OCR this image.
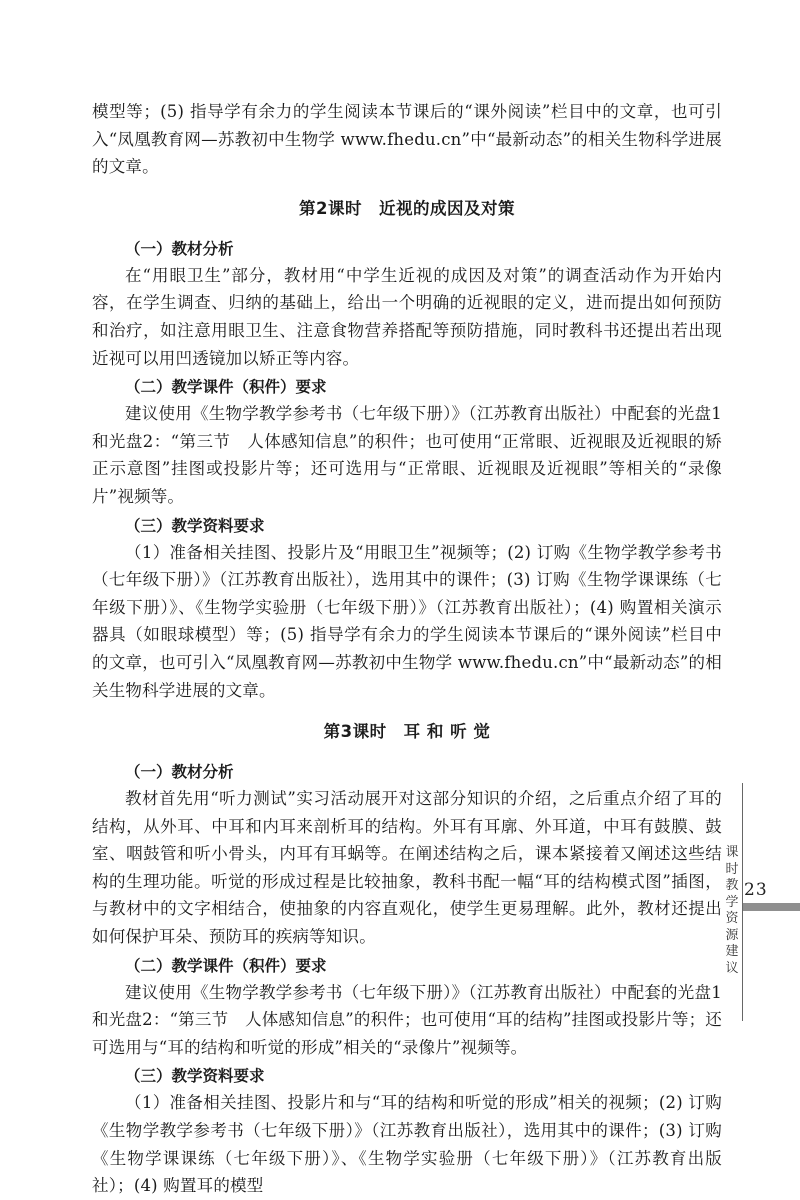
模型等；(5) 指导学有余力的学生阅读本节课后的“课外阅读”栏目中的文章，也可引入“凤凰教育网—苏教初中生物学 www.fhedu.cn”中“最新动态”的相关生物科学进展的文章。

第2课时　近视的成因及对策

（一）教材分析

在“用眼卫生”部分，教材用“中学生近视的成因及对策”的调查活动作为开始内容，在学生调查、归纳的基础上，给出一个明确的近视眼的定义，进而提出如何预防和治疗，如注意用眼卫生、注意食物营养搭配等预防措施，同时教科书还提出若出现近视可以用凹透镜加以矫正等内容。

（二）教学课件（积件）要求

建议使用《生物学教学参考书（七年级下册）》（江苏教育出版社）中配套的光盘1和光盘2：“第三节　人体感知信息”的积件；也可使用“正常眼、近视眼及近视眼的矫正示意图”挂图或投影片等；还可选用与“正常眼、近视眼及近视眼”等相关的“录像片”视频等。

（三）教学资料要求

（1）准备相关挂图、投影片及“用眼卫生”视频等；(2) 订购《生物学教学参考书（七年级下册）》（江苏教育出版社），选用其中的课件；(3) 订购《生物学课课练（七年级下册）》、《生物学实验册（七年级下册）》（江苏教育出版社）；(4) 购置相关演示器具（如眼球模型）等；(5) 指导学有余力的学生阅读本节课后的“课外阅读”栏目中的文章，也可引入“凤凰教育网—苏教初中生物学 www.fhedu.cn”中“最新动态”的相关生物科学进展的文章。

第3课时　耳 和 听 觉

（一）教材分析

教材首先用“听力测试”实习活动展开对这部分知识的介绍，之后重点介绍了耳的结构，从外耳、中耳和内耳来剖析耳的结构。外耳有耳廓、外耳道，中耳有鼓膜、鼓室、咽鼓管和听小骨头，内耳有耳蜗等。在阐述结构之后，课本紧接着又阐述这些结构的生理功能。听觉的形成过程是比较抽象，教科书配一幅“耳的结构模式图”插图，与教材中的文字相结合，使抽象的内容直观化，使学生更易理解。此外，教材还提出如何保护耳朵、预防耳的疾病等知识。

（二）教学课件（积件）要求

建议使用《生物学教学参考书（七年级下册）》（江苏教育出版社）中配套的光盘1和光盘2：“第三节　人体感知信息”的积件；也可使用“耳的结构”挂图或投影片等；还可选用与“耳的结构和听觉的形成”相关的“录像片”视频等。

（三）教学资料要求

（1）准备相关挂图、投影片和与“耳的结构和听觉的形成”相关的视频；(2) 订购《生物学教学参考书（七年级下册）》（江苏教育出版社），选用其中的课件；(3) 订购《生物学课课练（七年级下册）》、《生物学实验册（七年级下册）》（江苏教育出版社）；(4) 购置耳的模型

课时教学资源建议
23
